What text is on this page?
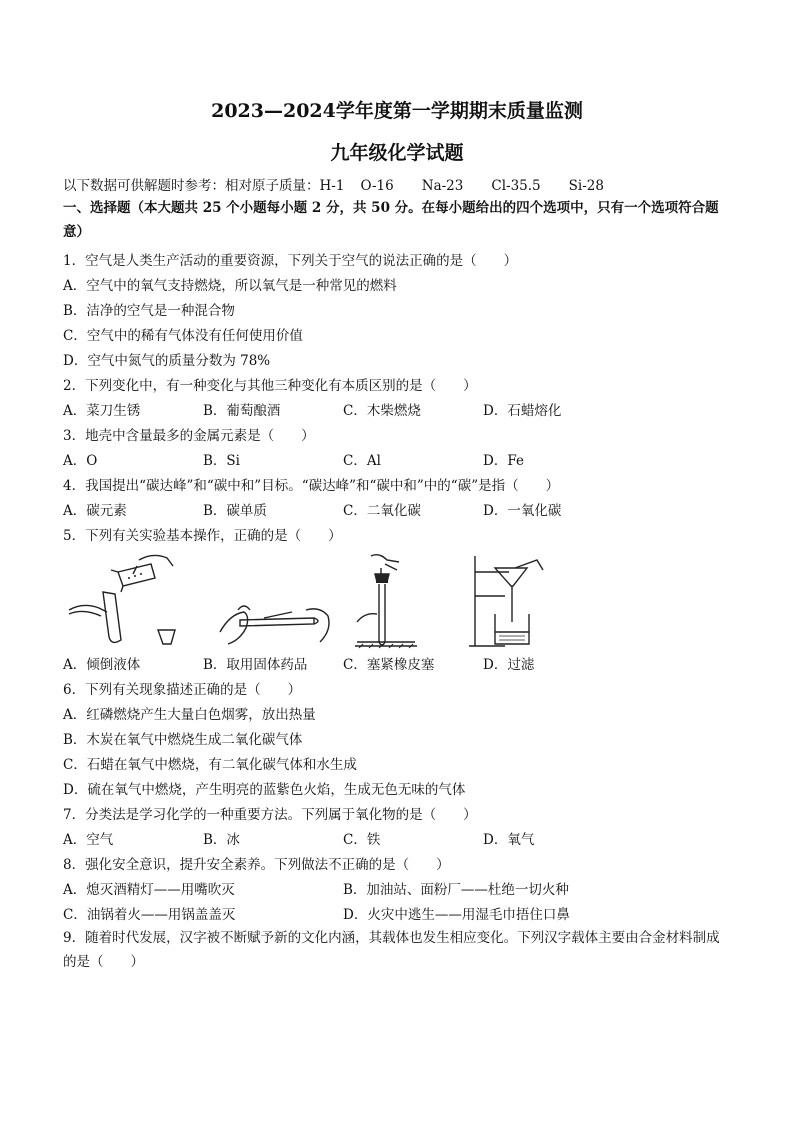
2023—2024学年度第一学期期末质量监测
九年级化学试题
以下数据可供解题时参考：相对原子质量：H-1 O-16 Na-23 Cl-35.5 Si-28
一、选择题（本大题共 25 个小题每小题 2 分，共 50 分。在每小题给出的四个选项中，只有一个选项符合题意）
1．空气是人类生产活动的重要资源，下列关于空气的说法正确的是（　　）
A．空气中的氧气支持燃烧，所以氧气是一种常见的燃料
B．洁净的空气是一种混合物
C．空气中的稀有气体没有任何使用价值
D．空气中氮气的质量分数为 78%
2．下列变化中，有一种变化与其他三种变化有本质区别的是（　　）
A．菜刀生锈	B．葡萄酿酒	C．木柴燃烧	D．石蜡熔化
3．地壳中含量最多的金属元素是（　　）
A．O	B．Si	C．Al	D．Fe
4．我国提出“碳达峰”和“碳中和”目标。“碳达峰”和“碳中和”中的“碳”是指（　　）
A．碳元素	B．碳单质	C．二氧化碳	D．一氧化碳
5．下列有关实验基本操作，正确的是（　　）
A．倾倒液体	B．取用固体药品	C．塞紧橡皮塞	D．过滤
6．下列有关现象描述正确的是（　　）
A．红磷燃烧产生大量白色烟雾，放出热量
B．木炭在氧气中燃烧生成二氧化碳气体
C．石蜡在氧气中燃烧，有二氧化碳气体和水生成
D．硫在氧气中燃烧，产生明亮的蓝紫色火焰，生成无色无味的气体
7．分类法是学习化学的一种重要方法。下列属于氧化物的是（　　）
A．空气	B．冰	C．铁	D．氧气
8．强化安全意识，提升安全素养。下列做法不正确的是（　　）
A．熄灭酒精灯——用嘴吹灭	B．加油站、面粉厂——杜绝一切火种
C．油锅着火——用锅盖盖灭	D．火灾中逃生——用湿毛巾捂住口鼻
9．随着时代发展，汉字被不断赋予新的文化内涵，其载体也发生相应变化。下列汉字载体主要由合金材料制成的是（　　）
